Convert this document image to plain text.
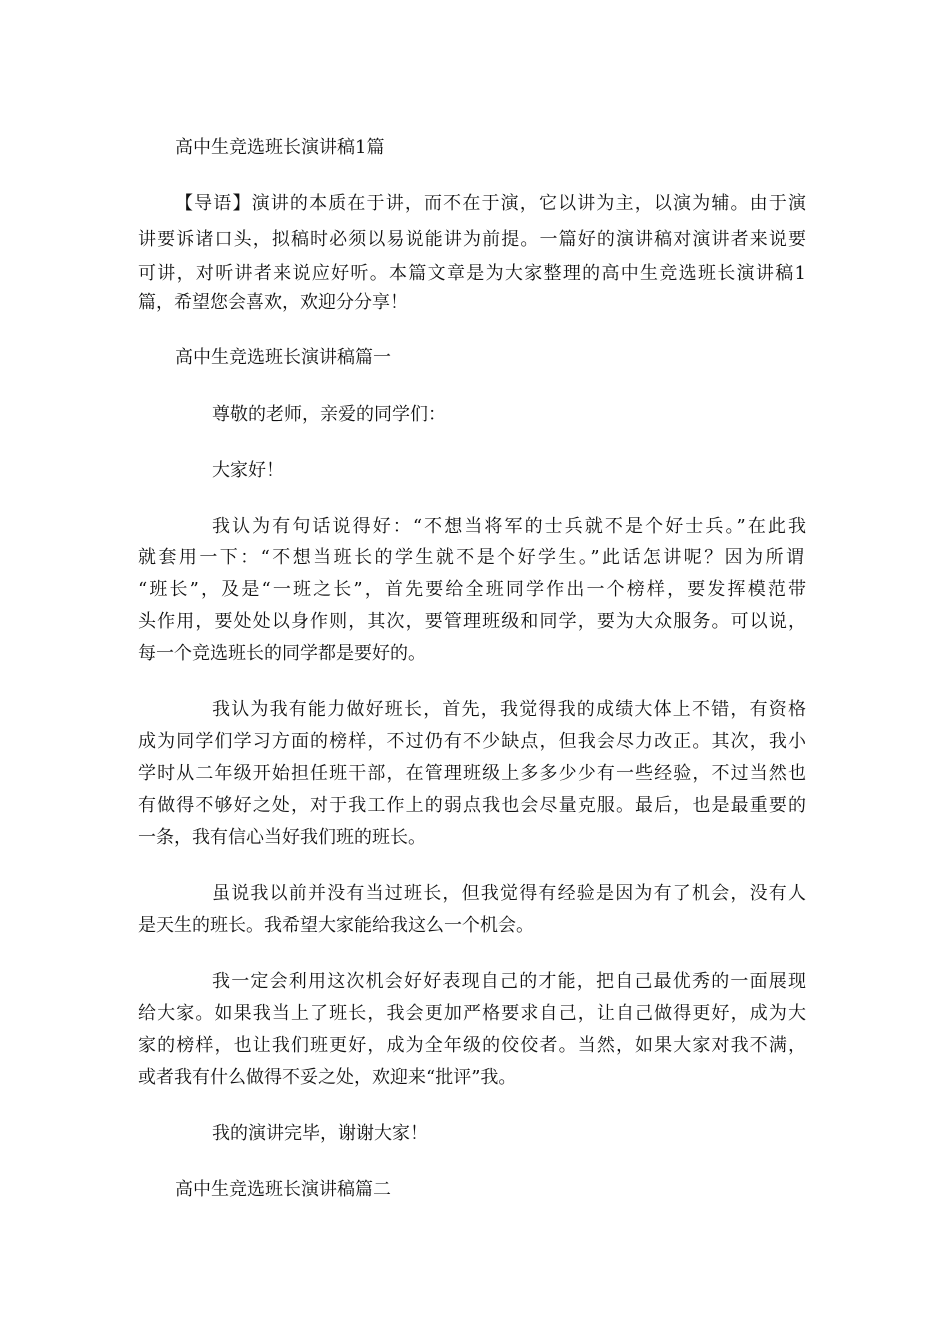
高中生竞选班长演讲稿1篇
【导语】演讲的本质在于讲，而不在于演，它以讲为主，以演为辅。由于演
讲要诉诸口头，拟稿时必须以易说能讲为前提。一篇好的演讲稿对演讲者来说要
可讲，对听讲者来说应好听。本篇文章是为大家整理的高中生竞选班长演讲稿1
篇，希望您会喜欢，欢迎分分享！
高中生竞选班长演讲稿篇一
尊敬的老师，亲爱的同学们：
大家好！
我认为有句话说得好：“不想当将军的士兵就不是个好士兵。”在此我
就套用一下：“不想当班长的学生就不是个好学生。”此话怎讲呢？因为所谓
“班长”，及是“一班之长”，首先要给全班同学作出一个榜样，要发挥模范带
头作用，要处处以身作则，其次，要管理班级和同学，要为大众服务。可以说，
每一个竞选班长的同学都是要好的。
我认为我有能力做好班长，首先，我觉得我的成绩大体上不错，有资格
成为同学们学习方面的榜样，不过仍有不少缺点，但我会尽力改正。其次，我小
学时从二年级开始担任班干部，在管理班级上多多少少有一些经验，不过当然也
有做得不够好之处，对于我工作上的弱点我也会尽量克服。最后，也是最重要的
一条，我有信心当好我们班的班长。
虽说我以前并没有当过班长，但我觉得有经验是因为有了机会，没有人
是天生的班长。我希望大家能给我这么一个机会。
我一定会利用这次机会好好表现自己的才能，把自己最优秀的一面展现
给大家。如果我当上了班长，我会更加严格要求自己，让自己做得更好，成为大
家的榜样，也让我们班更好，成为全年级的佼佼者。当然，如果大家对我不满，
或者我有什么做得不妥之处，欢迎来“批评”我。
我的演讲完毕，谢谢大家！
高中生竞选班长演讲稿篇二
